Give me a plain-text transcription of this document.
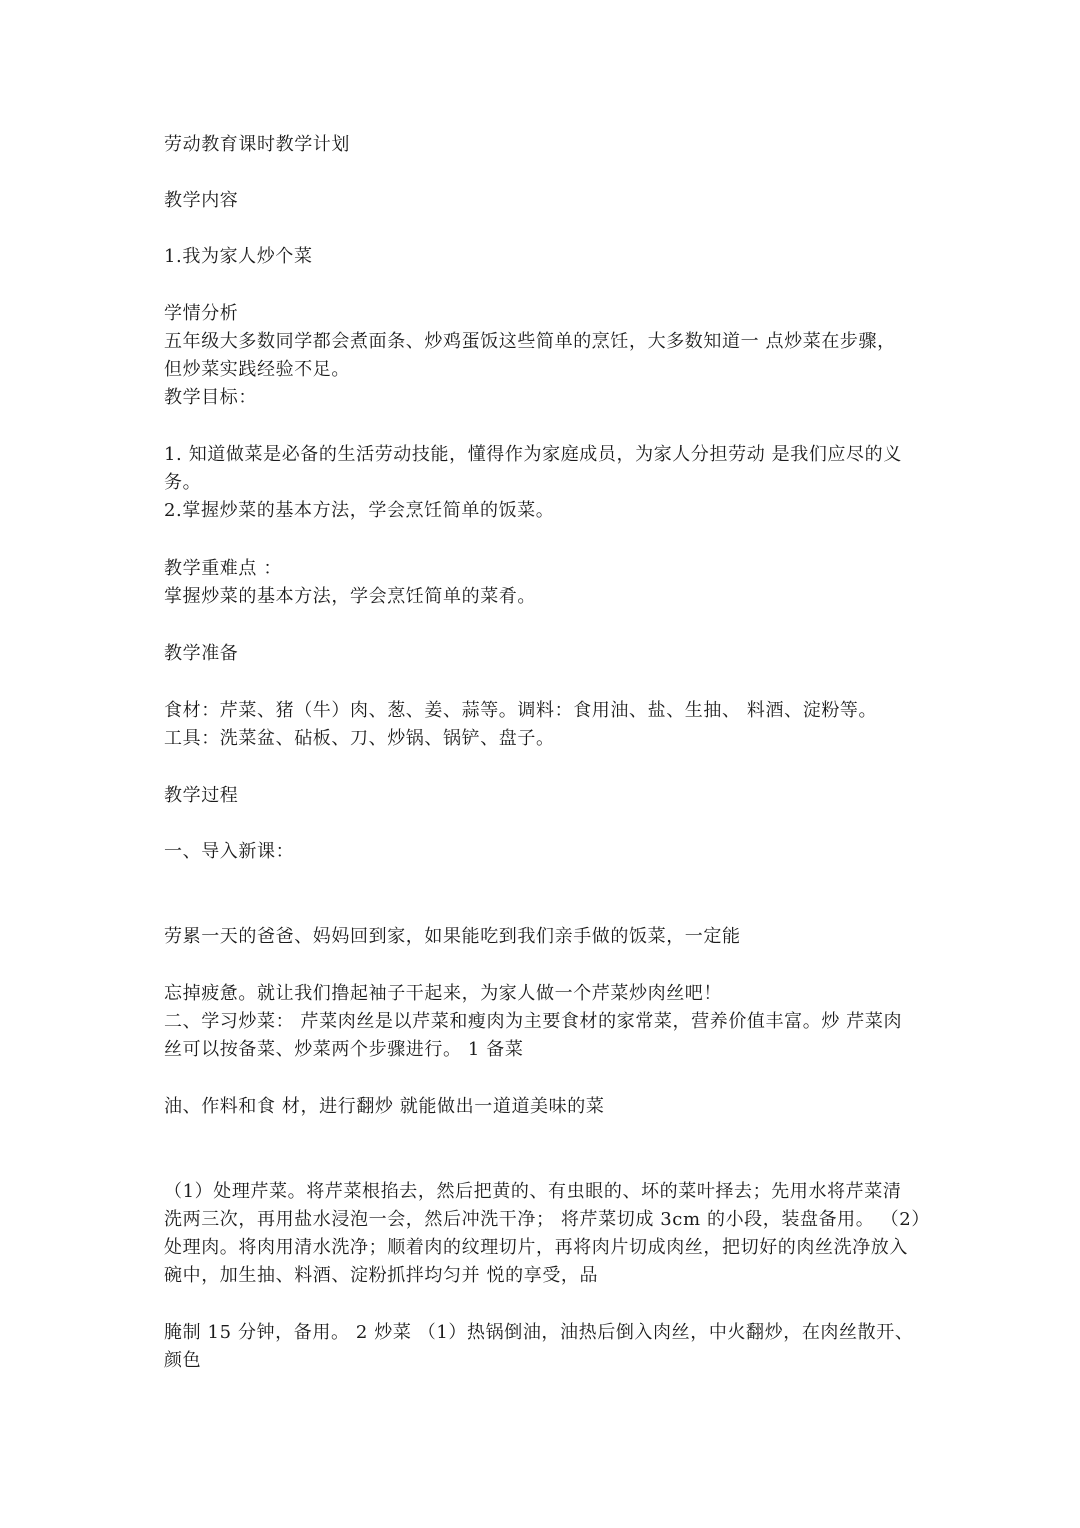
劳动教育课时教学计划
教学内容
1.我为家人炒个菜
学情分析
五年级大多数同学都会煮面条、炒鸡蛋饭这些简单的烹饪，大多数知道一 点炒菜在步骤，
但炒菜实践经验不足。
教学目标：
1. 知道做菜是必备的生活劳动技能，懂得作为家庭成员，为家人分担劳动 是我们应尽的义
务。
2.掌握炒菜的基本方法，学会烹饪简单的饭菜。
教学重难点 ：
掌握炒菜的基本方法，学会烹饪简单的菜肴。
教学准备
食材：芹菜、猪（牛）肉、葱、姜、蒜等。调料：食用油、盐、生抽、 料酒、淀粉等。
工具：洗菜盆、砧板、刀、炒锅、锅铲、盘子。
教学过程
一、导入新课：
劳累一天的爸爸、妈妈回到家，如果能吃到我们亲手做的饭菜，一定能
忘掉疲惫。就让我们撸起袖子干起来，为家人做一个芹菜炒肉丝吧！
二、学习炒菜： 芹菜肉丝是以芹菜和瘦肉为主要食材的家常菜，营养价值丰富。炒 芹菜肉
丝可以按备菜、炒菜两个步骤进行。 1 备菜
油、作料和食 材，进行翻炒 就能做出一道道美味的菜
（1）处理芹菜。将芹菜根掐去，然后把黄的、有虫眼的、坏的菜叶择去；先用水将芹菜清
洗两三次，再用盐水浸泡一会，然后冲洗干净； 将芹菜切成 3cm 的小段，装盘备用。 （2）
处理肉。将肉用清水洗净；顺着肉的纹理切片，再将肉片切成肉丝，把切好的肉丝洗净放入
碗中，加生抽、料酒、淀粉抓拌均匀并 悦的享受，品
腌制 15 分钟，备用。 2 炒菜 （1）热锅倒油，油热后倒入肉丝，中火翻炒，在肉丝散开、
颜色
